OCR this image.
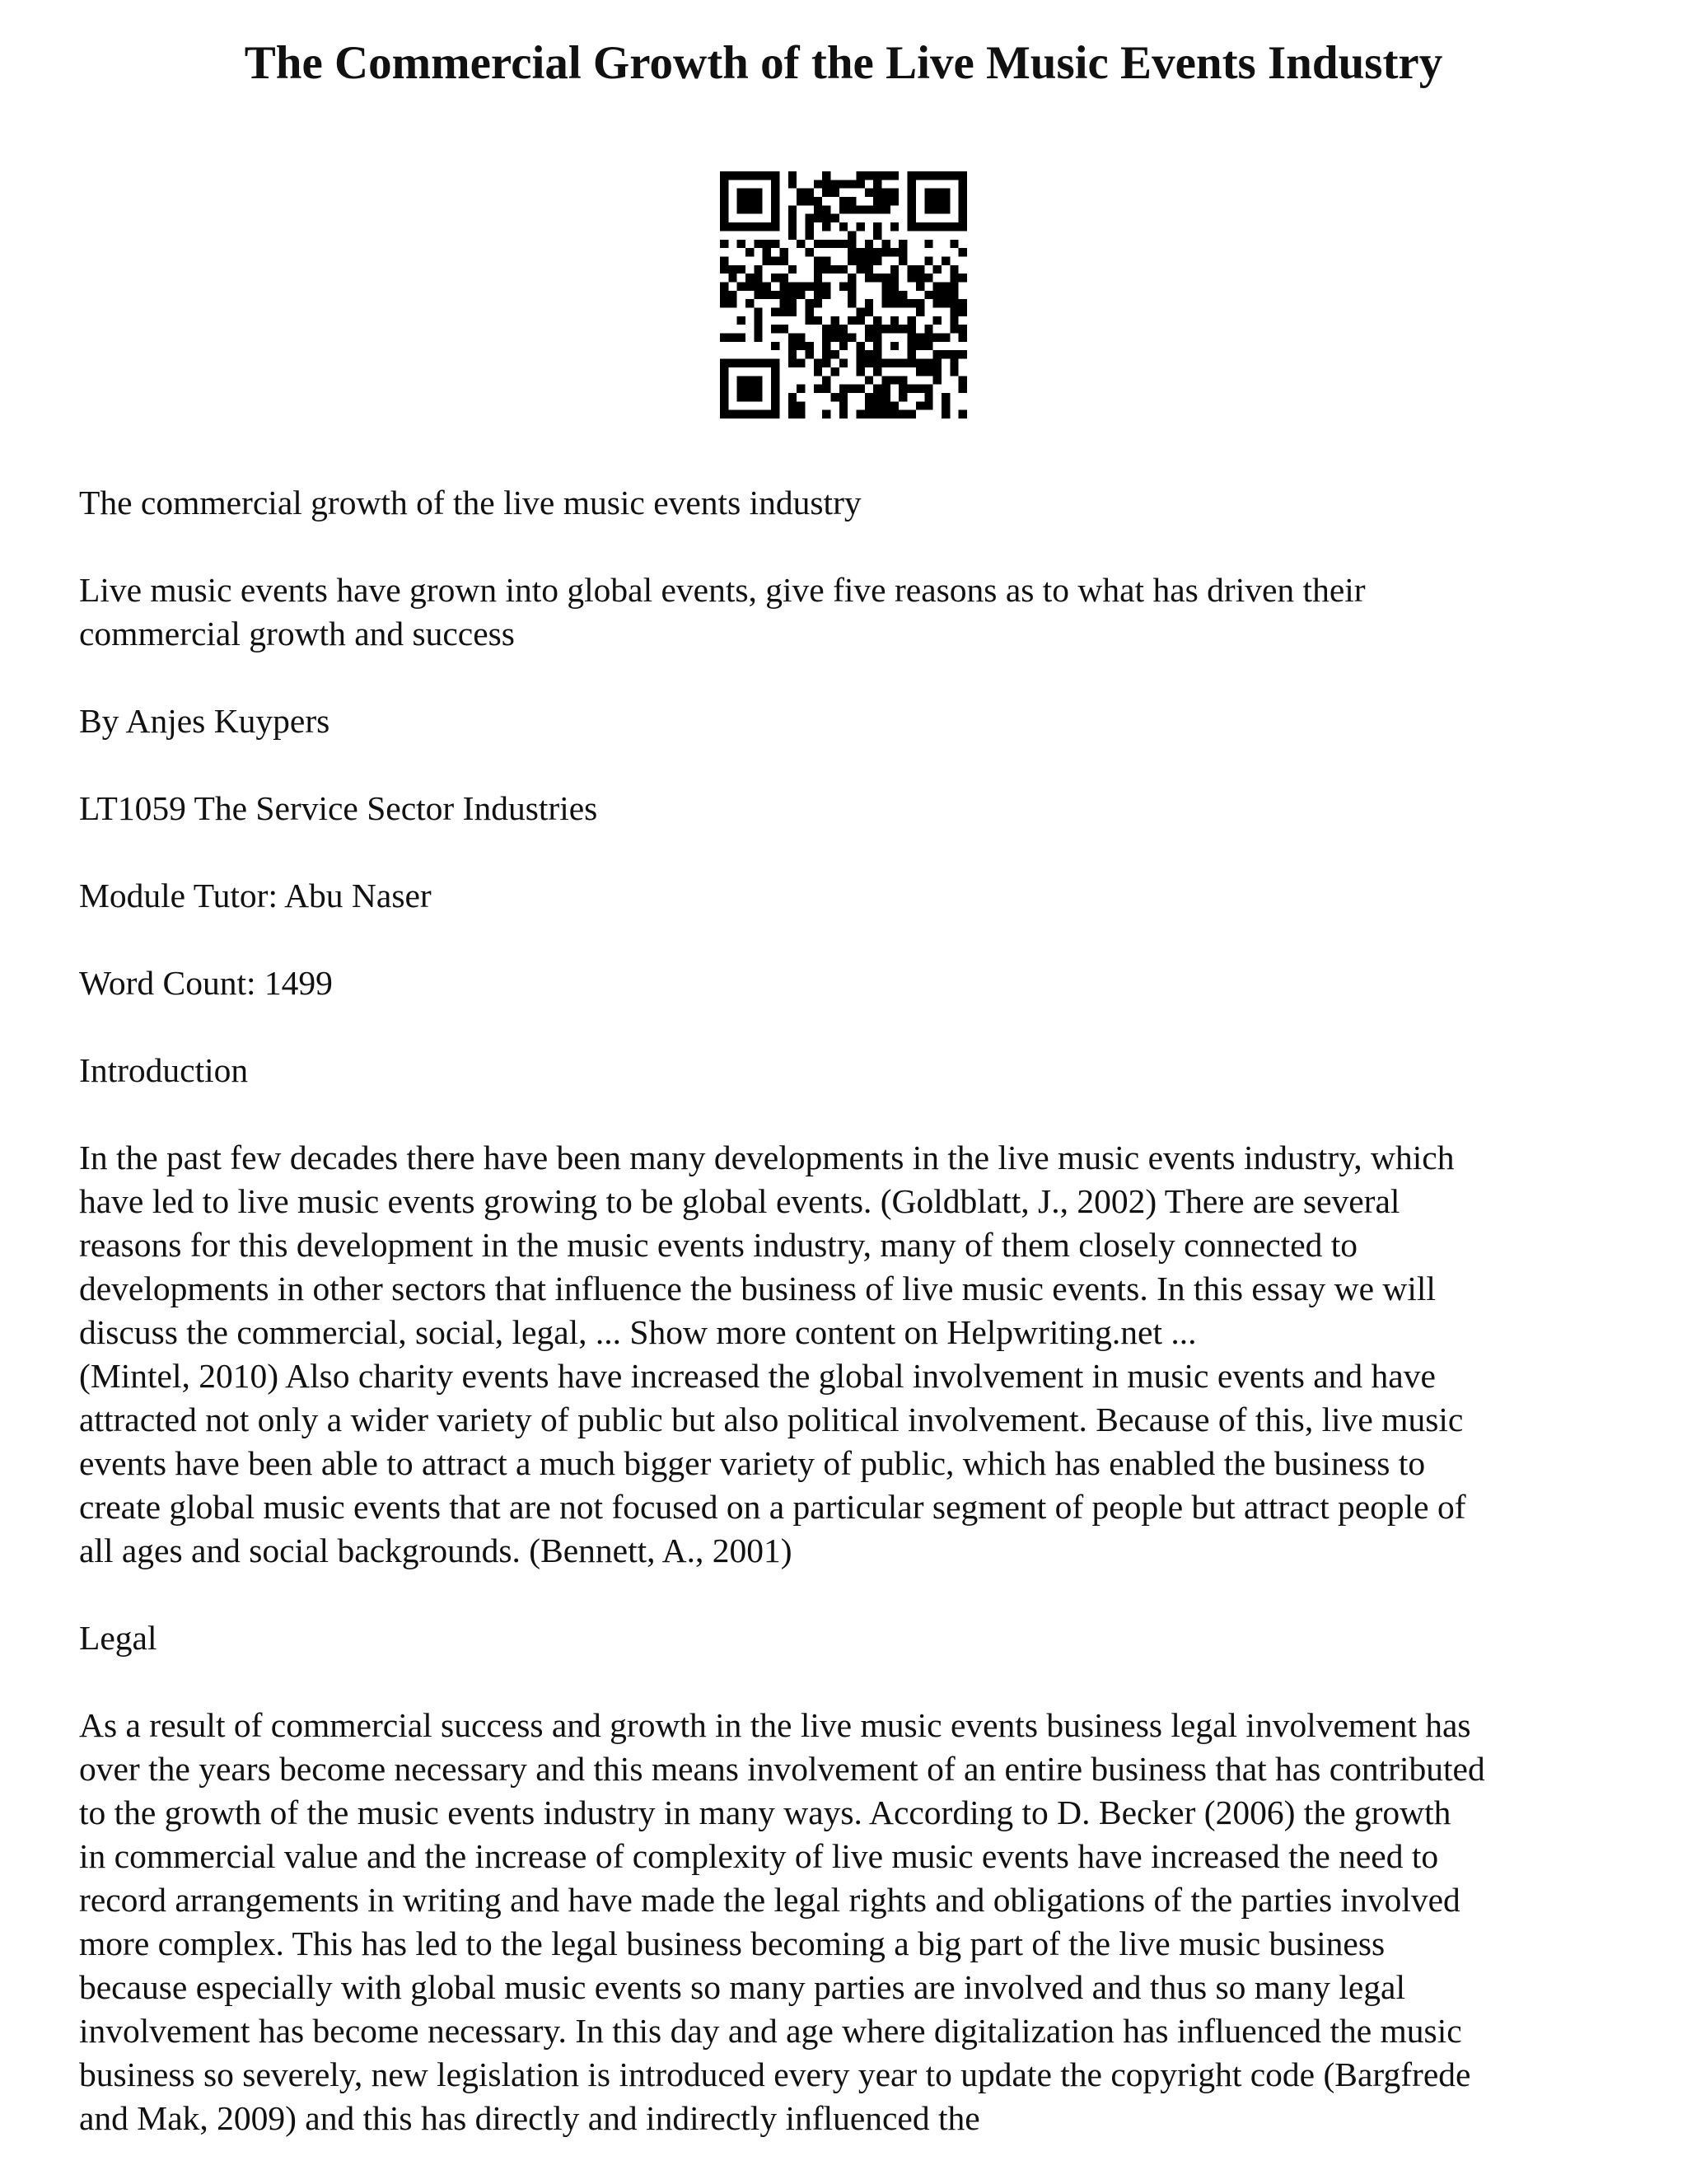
The Commercial Growth of the Live Music Events Industry

The commercial growth of the live music events industry

Live music events have grown into global events, give five reasons as to what has driven their
commercial growth and success

By Anjes Kuypers

LT1059 The Service Sector Industries

Module Tutor: Abu Naser

Word Count: 1499

Introduction

In the past few decades there have been many developments in the live music events industry, which
have led to live music events growing to be global events. (Goldblatt, J., 2002) There are several
reasons for this development in the music events industry, many of them closely connected to
developments in other sectors that influence the business of live music events. In this essay we will
discuss the commercial, social, legal, ... Show more content on Helpwriting.net ...

(Mintel, 2010) Also charity events have increased the global involvement in music events and have
attracted not only a wider variety of public but also political involvement. Because of this, live music
events have been able to attract a much bigger variety of public, which has enabled the business to
create global music events that are not focused on a particular segment of people but attract people of
all ages and social backgrounds. (Bennett, A., 2001)

Legal

As a result of commercial success and growth in the live music events business legal involvement has
over the years become necessary and this means involvement of an entire business that has contributed
to the growth of the music events industry in many ways. According to D. Becker (2006) the growth
in commercial value and the increase of complexity of live music events have increased the need to
record arrangements in writing and have made the legal rights and obligations of the parties involved
more complex. This has led to the legal business becoming a big part of the live music business
because especially with global music events so many parties are involved and thus so many legal
involvement has become necessary. In this day and age where digitalization has influenced the music
business so severely, new legislation is introduced every year to update the copyright code (Bargfrede
and Mak, 2009) and this has directly and indirectly influenced the
